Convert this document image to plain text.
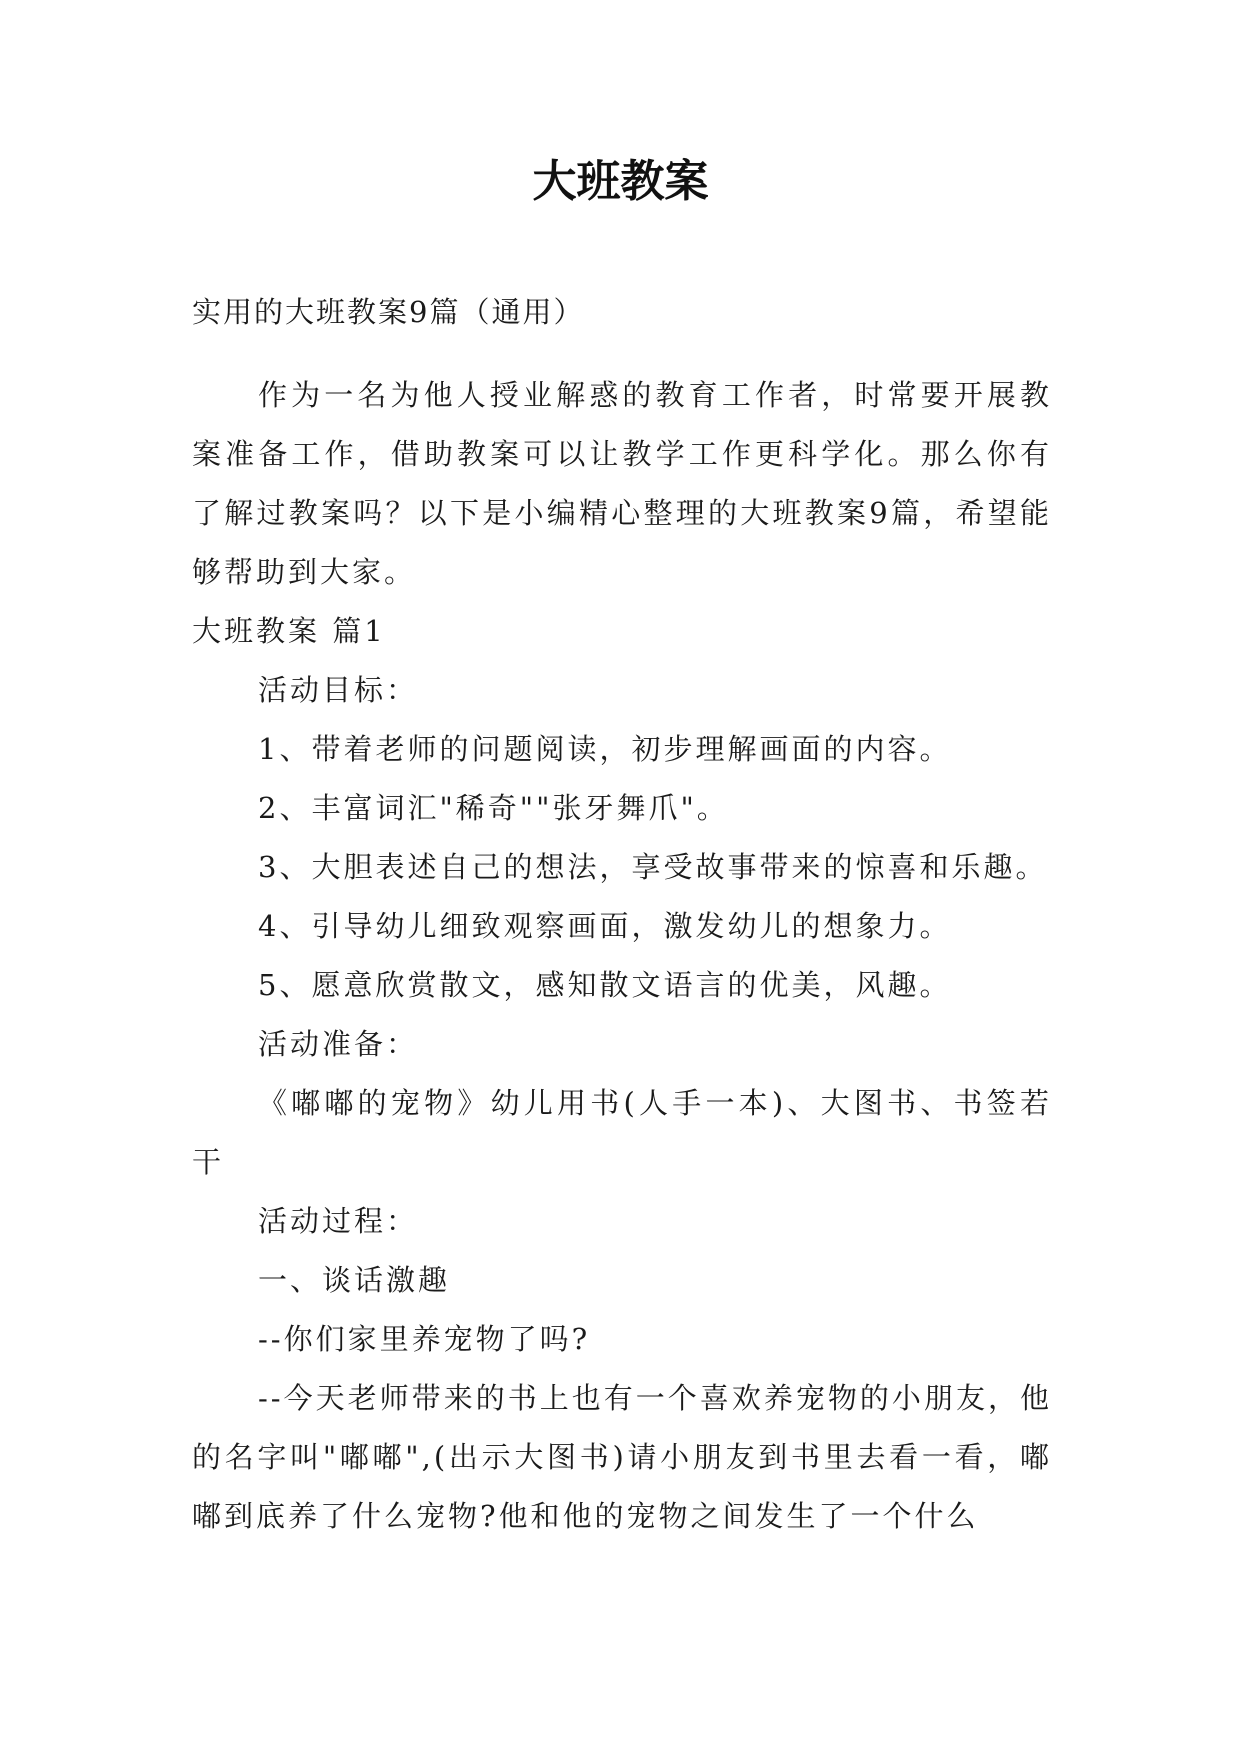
大班教案
实用的大班教案9篇（通用）

作为一名为他人授业解惑的教育工作者，时常要开展教案准备工作，借助教案可以让教学工作更科学化。那么你有了解过教案吗？以下是小编精心整理的大班教案9篇，希望能够帮助到大家。

大班教案 篇1

活动目标：

1、带着老师的问题阅读，初步理解画面的内容。

2、丰富词汇"稀奇""张牙舞爪"。

3、大胆表述自己的想法，享受故事带来的惊喜和乐趣。

4、引导幼儿细致观察画面，激发幼儿的想象力。

5、愿意欣赏散文，感知散文语言的优美，风趣。

活动准备：

《嘟嘟的宠物》幼儿用书(人手一本)、大图书、书签若干

活动过程：

一、谈话激趣

--你们家里养宠物了吗?

--今天老师带来的书上也有一个喜欢养宠物的小朋友，他的名字叫"嘟嘟",(出示大图书)请小朋友到书里去看一看，嘟嘟到底养了什么宠物?他和他的宠物之间发生了一个什么
